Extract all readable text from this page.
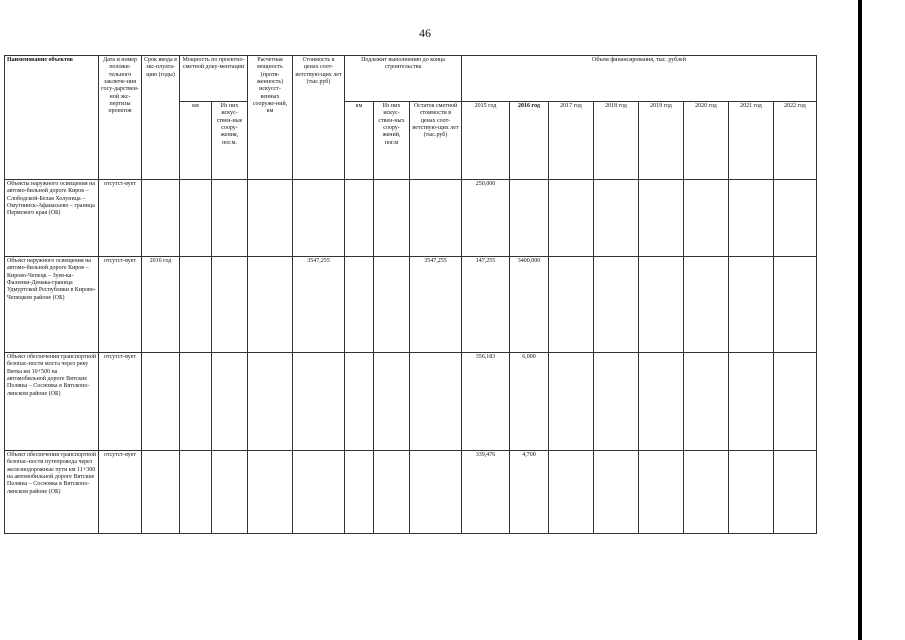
46
Наименование объектов	Дата и номер положи-тельного заключе-ния госу-дарствен-ной экс-пертизы проектов	Срок ввода в экс-плуата-цию (годы)	Мощность по проектно-сметной доку-ментации		Расчетная мощность (протя-женность) искусст-венных сооруже-ний, км	Стоимость в ценах соот-ветствую-щих лет (тыс.руб)	Подлежит выполнению до конца строительства			Объем финансирования, тыс. рублей							
			км	Из них искус-ствен-ные соору-жения, пог.м.			км	Из них искус-ствен-ных соору-жений, пог.м	Остаток сметной стоимости в ценах соот-ветствую-щих лет (тыс.руб)	2015 год	2016 год	2017 год	2018 год	2019 год	2020 год	2021 год	2022 год
Объекты наружного освещения на автомо-бильной дороге Киров – Слободской-Белая Холуница – Омутнинск-Афанасьево – граница Пермского края (ОБ)	отсутст-вует									250,000							
Объект наружного освещения на автомо-бильной дороге Киров – Кирово-Чепецк – Зуев-ка-Фаленки-Демака-граница Удмуртской Республики в Кирово-Чепецком районе (ОБ)	отсутст-вует	2016 год				3547,255			3547,255	147,255	3400,000						
Объект обеспечения транспортной безопас-ности моста через реку Вятка км 10+500 на автомобильной дороге Вятские Поляны – Сосновка в Вятскопо-лянском районе (ОБ)	отсутст-вует									356,183	6,000						
Объект обеспечения транспортной безопас-ности путепровода через железнодорожные пути км 11+300 на автомобильной дороге Вятские Поляны – Сосновка в Вятскопо-лянском районе (ОБ)	отсутст-вует									339,476	4,700						
